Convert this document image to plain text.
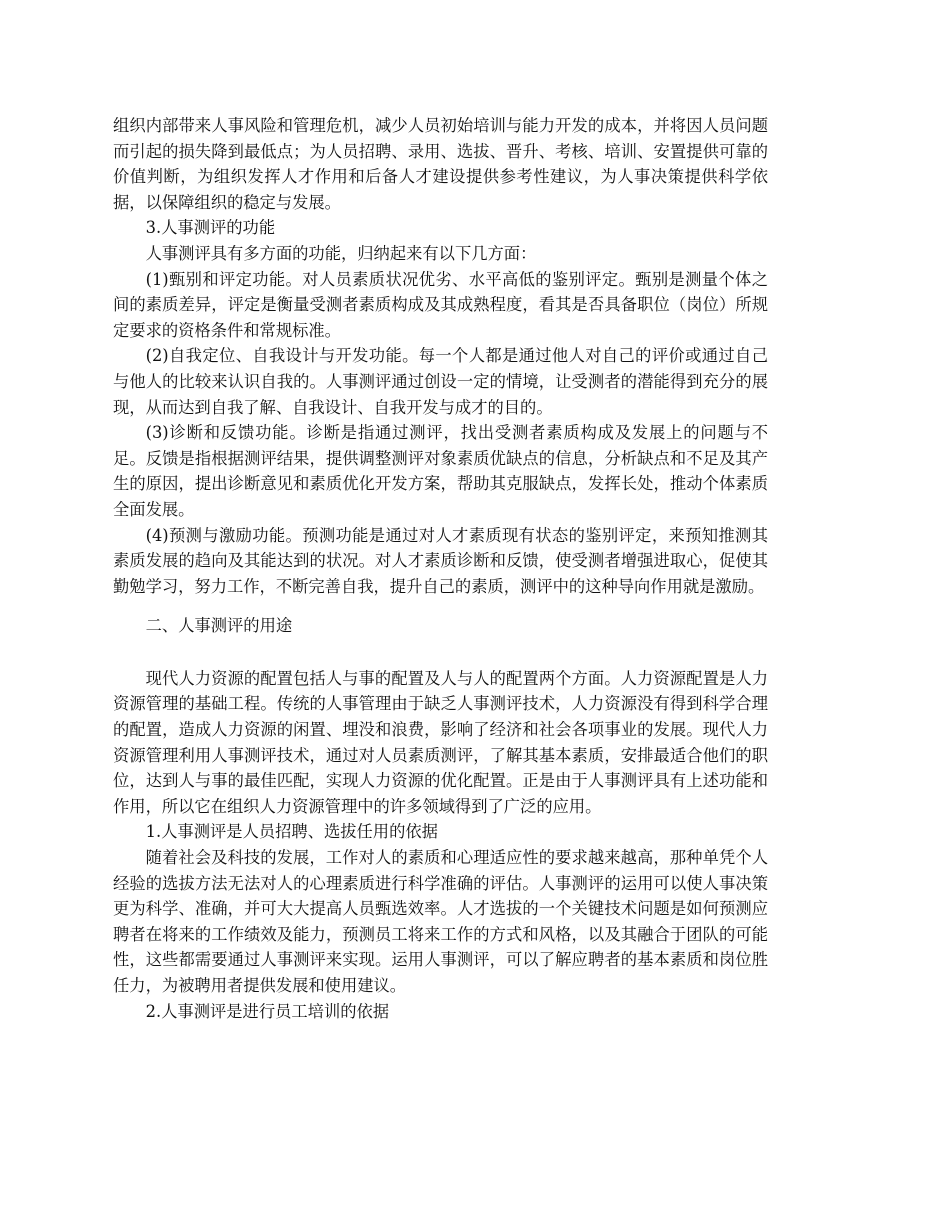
组织内部带来人事风险和管理危机，减少人员初始培训与能力开发的成本，并将因人员问题而引起的损失降到最低点；为人员招聘、录用、选拔、晋升、考核、培训、安置提供可靠的价值判断，为组织发挥人才作用和后备人才建设提供参考性建议，为人事决策提供科学依据，以保障组织的稳定与发展。

3.人事测评的功能

人事测评具有多方面的功能，归纳起来有以下几方面：

(1)甄别和评定功能。对人员素质状况优劣、水平高低的鉴别评定。甄别是测量个体之间的素质差异，评定是衡量受测者素质构成及其成熟程度，看其是否具备职位（岗位）所规定要求的资格条件和常规标准。

(2)自我定位、自我设计与开发功能。每一个人都是通过他人对自己的评价或通过自己与他人的比较来认识自我的。人事测评通过创设一定的情境，让受测者的潜能得到充分的展现，从而达到自我了解、自我设计、自我开发与成才的目的。

(3)诊断和反馈功能。诊断是指通过测评，找出受测者素质构成及发展上的问题与不足。反馈是指根据测评结果，提供调整测评对象素质优缺点的信息，分析缺点和不足及其产生的原因，提出诊断意见和素质优化开发方案，帮助其克服缺点，发挥长处，推动个体素质全面发展。

(4)预测与激励功能。预测功能是通过对人才素质现有状态的鉴别评定，来预知推测其素质发展的趋向及其能达到的状况。对人才素质诊断和反馈，使受测者增强进取心，促使其勤勉学习，努力工作，不断完善自我，提升自己的素质，测评中的这种导向作用就是激励。

二、人事测评的用途

现代人力资源的配置包括人与事的配置及人与人的配置两个方面。人力资源配置是人力资源管理的基础工程。传统的人事管理由于缺乏人事测评技术，人力资源没有得到科学合理的配置，造成人力资源的闲置、埋没和浪费，影响了经济和社会各项事业的发展。现代人力资源管理利用人事测评技术，通过对人员素质测评，了解其基本素质，安排最适合他们的职位，达到人与事的最佳匹配，实现人力资源的优化配置。正是由于人事测评具有上述功能和作用，所以它在组织人力资源管理中的许多领域得到了广泛的应用。

1.人事测评是人员招聘、选拔任用的依据

随着社会及科技的发展，工作对人的素质和心理适应性的要求越来越高，那种单凭个人经验的选拔方法无法对人的心理素质进行科学准确的评估。人事测评的运用可以使人事决策更为科学、准确，并可大大提高人员甄选效率。人才选拔的一个关键技术问题是如何预测应聘者在将来的工作绩效及能力，预测员工将来工作的方式和风格，以及其融合于团队的可能性，这些都需要通过人事测评来实现。运用人事测评，可以了解应聘者的基本素质和岗位胜任力，为被聘用者提供发展和使用建议。

2.人事测评是进行员工培训的依据
